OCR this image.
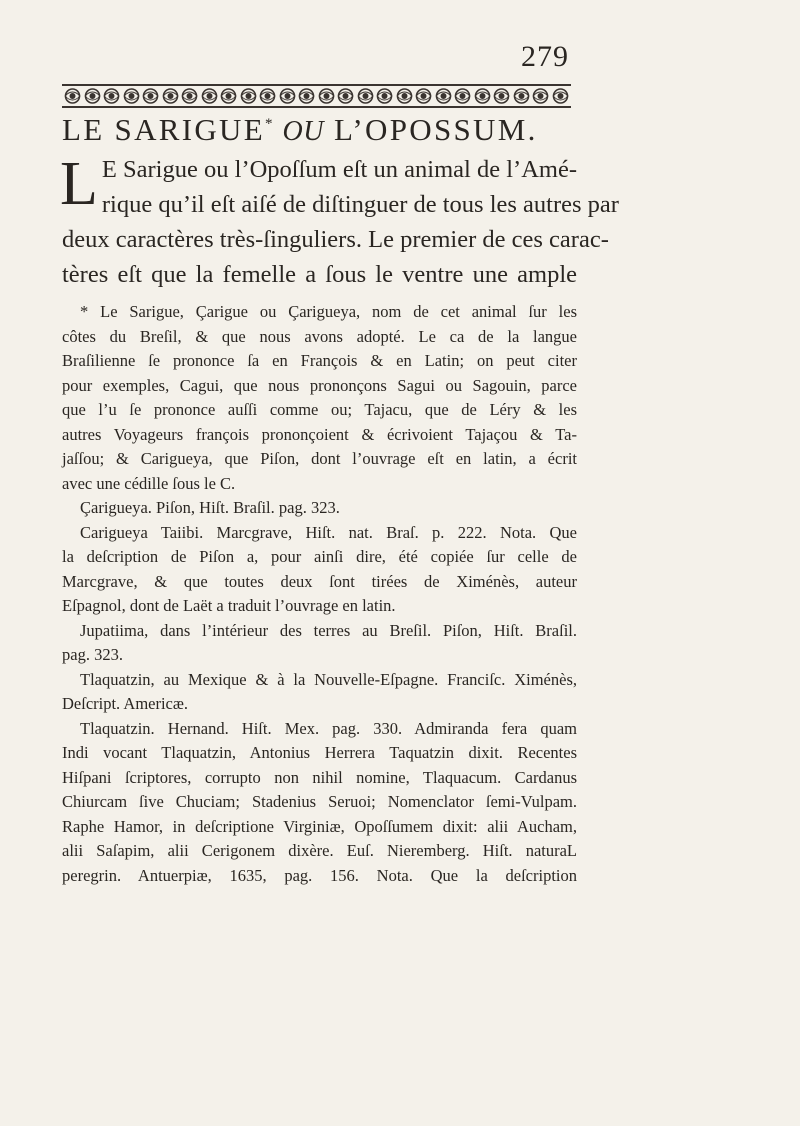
279
LE SARIGUE* OU L’OPOSSUM.
L E Sarigue ou l’Opoſſum eſt un animal de l’Amé-
rique qu’il eſt aiſé de diſtinguer de tous les autres par
deux caractères très-ſinguliers. Le premier de ces carac-
tères eſt que la femelle a ſous le ventre une ample
* Le Sarigue, Çarigue ou Çarigueya, nom de cet animal ſur les
côtes du Breſil, & que nous avons adopté. Le ca de la langue
Braſilienne ſe prononce ſa en François & en Latin; on peut citer
pour exemples, Cagui, que nous prononçons Sagui ou Sagouin, parce
que l’u ſe prononce auſſi comme ou; Tajacu, que de Léry & les
autres Voyageurs françois prononçoient & écrivoient Tajaçou & Ta-
jaſſou; & Carigueya, que Piſon, dont l’ouvrage eſt en latin, a écrit
avec une cédille ſous le C.
Çarigueya. Piſon, Hiſt. Braſil. pag. 323.
Carigueya Taiibi. Marcgrave, Hiſt. nat. Braſ. p. 222. Nota. Que
la deſcription de Piſon a, pour ainſi dire, été copiée ſur celle de
Marcgrave, & que toutes deux ſont tirées de Ximénès, auteur
Eſpagnol, dont de Laët a traduit l’ouvrage en latin.
Jupatiima, dans l’intérieur des terres au Breſil. Piſon, Hiſt. Braſil.
pag. 323.
Tlaquatzin, au Mexique & à la Nouvelle-Eſpagne. Franciſc. Ximénès,
Deſcript. Americæ.
Tlaquatzin. Hernand. Hiſt. Mex. pag. 330. Admiranda fera quam
Indi vocant Tlaquatzin, Antonius Herrera Taquatzin dixit. Recentes
Hiſpani ſcriptores, corrupto non nihil nomine, Tlaquacum. Cardanus
Chiurcam ſive Chuciam; Stadenius Seruoi; Nomenclator ſemi-Vulpam.
Raphe Hamor, in deſcriptione Virginiæ, Opoſſumem dixit: alii Aucham,
alii Saſapim, alii Cerigonem dixère. Euſ. Nieremberg. Hiſt. naturaL
peregrin. Antuerpiæ, 1635, pag. 156. Nota. Que la deſcription
